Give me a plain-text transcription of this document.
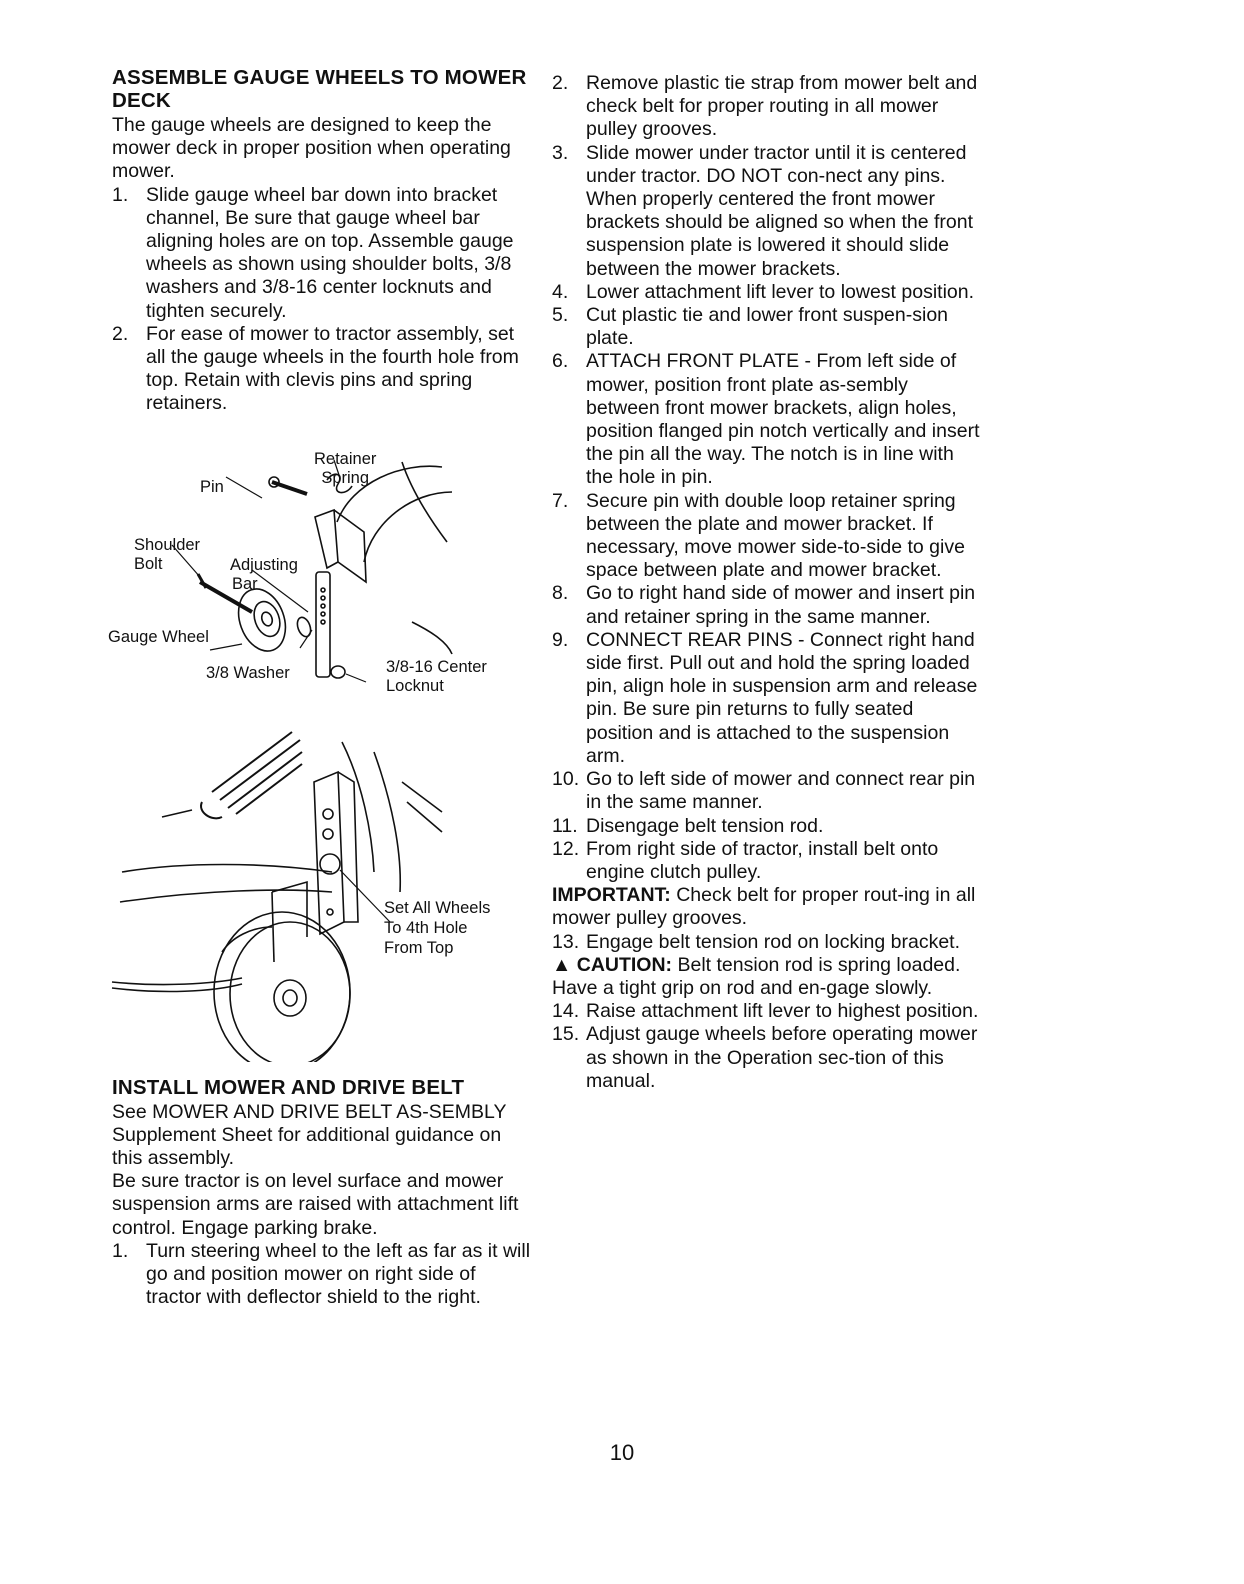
ASSEMBLE GAUGE WHEELS TO MOWER DECK

The gauge wheels are designed to keep the mower deck in proper position when operating mower.

1. Slide gauge wheel bar down into bracket channel, Be sure that gauge wheel bar aligning holes are on top. Assemble gauge wheels as shown using shoulder bolts, 3/8 washers and 3/8-16 center locknuts and tighten securely.
2. For ease of mower to tractor assembly, set all the gauge wheels in the fourth hole from top. Retain with clevis pins and spring retainers.
Retainer
Spring
Pin
Shoulder
Bolt	Adjusting
Bar
Gauge Wheel
3/8 Washer	3/8-16 Center
Locknut
Set All Wheels
To 4th Hole
From Top
INSTALL MOWER AND DRIVE BELT

See MOWER AND DRIVE BELT AS-SEMBLY Supplement Sheet for additional guidance on this assembly.

Be sure tractor is on level surface and mower suspension arms are raised with attachment lift control. Engage parking brake.

1. Turn steering wheel to the left as far as it will go and position mower on right side of tractor with deflector shield to the right.
2. Remove plastic tie strap from mower belt and check belt for proper routing in all mower pulley grooves.
3. Slide mower under tractor until it is centered under tractor. DO NOT con-nect any pins. When properly centered the front mower brackets should be aligned so when the front suspension plate is lowered it should slide between the mower brackets.
4. Lower attachment lift lever to lowest position.
5. Cut plastic tie and lower front suspen-sion plate.
6. ATTACH FRONT PLATE - From left side of mower, position front plate as-sembly between front mower brackets, align holes, position flanged pin notch vertically and insert the pin all the way. The notch is in line with the hole in pin.
7. Secure pin with double loop retainer spring between the plate and mower bracket. If necessary, move mower side-to-side to give space between plate and mower bracket.
8. Go to right hand side of mower and insert pin and retainer spring in the same manner.
9. CONNECT REAR PINS - Connect right hand side first. Pull out and hold the spring loaded pin, align hole in suspension arm and release pin. Be sure pin returns to fully seated position and is attached to the suspension arm.
10. Go to left side of mower and connect rear pin in the same manner.
11. Disengage belt tension rod.
12. From right side of tractor, install belt onto engine clutch pulley.

IMPORTANT: Check belt for proper rout-ing in all mower pulley grooves.

13. Engage belt tension rod on locking bracket.

▲ CAUTION: Belt tension rod is spring loaded. Have a tight grip on rod and en-gage slowly.

14. Raise attachment lift lever to highest position.
15. Adjust gauge wheels before operating mower as shown in the Operation sec-tion of this manual.
10
